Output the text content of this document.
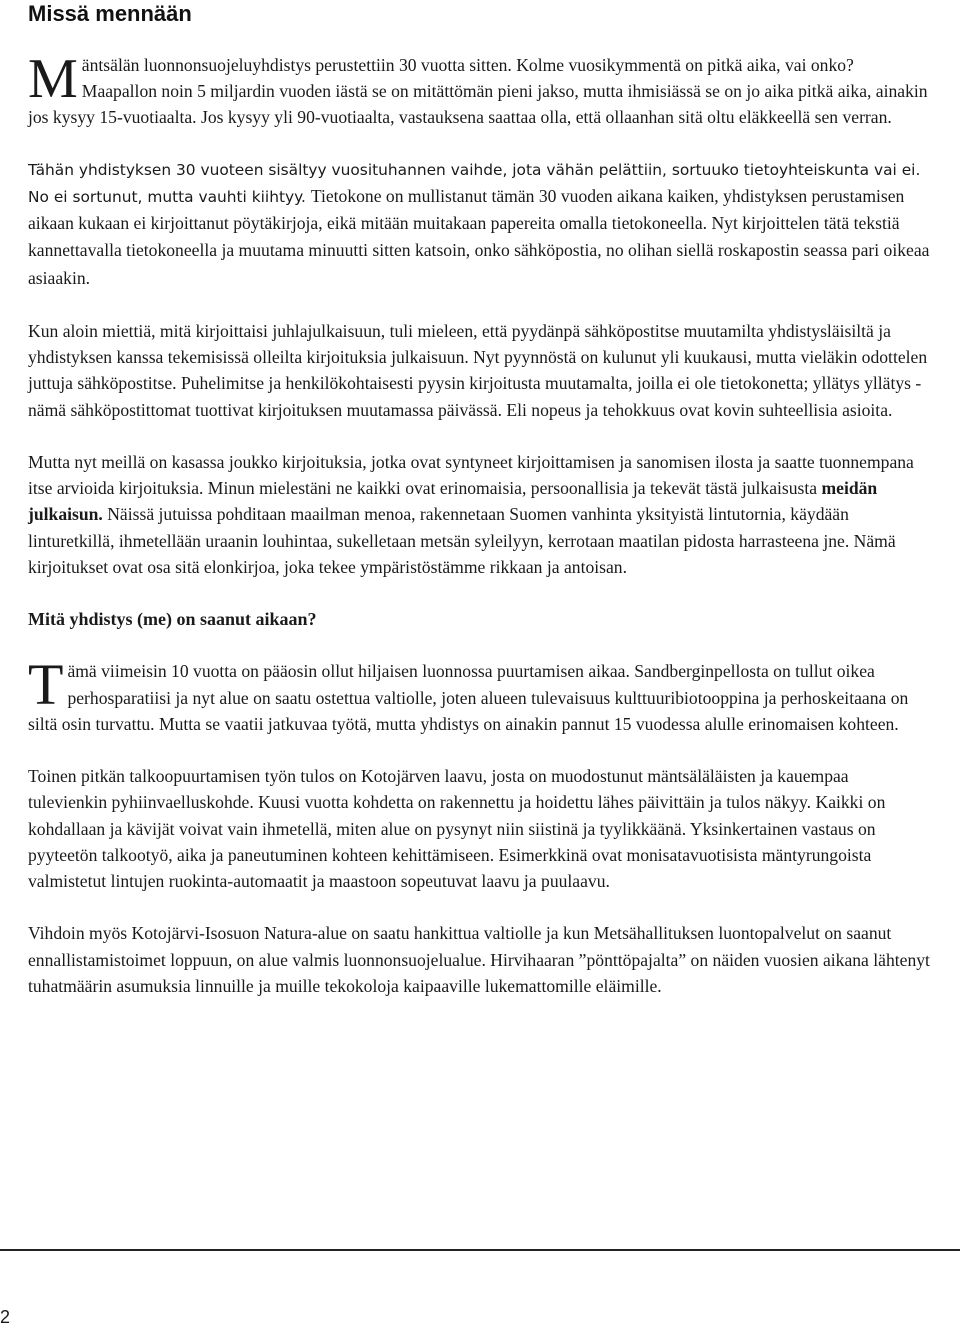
Missä mennään

Mäntsälän luonnonsuojeluyhdistys perustettiin 30 vuotta sitten. Kolme vuosikymmentä on pitkä aika, vai onko? Maapallon noin 5 miljardin vuoden iästä se on mitättömän pieni jakso, mutta ihmisiässä se on jo aika pitkä aika, ainakin jos kysyy 15-vuotiaalta. Jos kysyy yli 90-vuotiaalta, vastauksena saattaa olla, että ollaanhan sitä oltu eläkkeellä sen verran.

Tähän yhdistyksen 30 vuoteen sisältyy vuosituhannen vaihde, jota vähän pelättiin, sortuuko tietoyhteiskunta vai ei. No ei sortunut, mutta vauhti kiihtyy. Tietokone on mullistanut tämän 30 vuoden aikana kaiken, yhdistyksen perustamisen aikaan kukaan ei kirjoittanut pöytäkirjoja, eikä mitään muitakaan papereita omalla tietokoneella. Nyt kirjoittelen tätä tekstiä kannettavalla tietokoneella ja muutama minuutti sitten katsoin, onko sähköpostia, no olihan siellä roskapostin seassa pari oikeaa asiaakin.

Kun aloin miettiä, mitä kirjoittaisi juhlajulkaisuun, tuli mieleen, että pyydänpä sähköpostitse muutamilta yhdistysläisiltä ja yhdistyksen kanssa tekemisissä olleilta kirjoituksia julkaisuun. Nyt pyynnöstä on kulunut yli kuukausi, mutta vieläkin odottelen juttuja sähköpostitse. Puhelimitse ja henkilökohtaisesti pyysin kirjoitusta muutamalta, joilla ei ole tietokonetta; yllätys yllätys - nämä sähköpostittomat tuottivat kirjoituksen muutamassa päivässä. Eli nopeus ja tehokkuus ovat kovin suhteellisia asioita.

Mutta nyt meillä on kasassa joukko kirjoituksia, jotka ovat syntyneet kirjoittamisen ja sanomisen ilosta ja saatte tuonnempana itse arvioida kirjoituksia. Minun mielestäni ne kaikki ovat erinomaisia, persoonallisia ja tekevät tästä julkaisusta meidän julkaisun. Näissä jutuissa pohditaan maailman menoa, rakennetaan Suomen vanhinta yksityistä lintutornia, käydään linturetkillä, ihmetellään uraanin louhintaa, sukelletaan metsän syleilyyn, kerrotaan maatilan pidosta harrasteena jne. Nämä kirjoitukset ovat osa sitä elonkirjoa, joka tekee ympäristöstämme rikkaan ja antoisan.

Mitä yhdistys (me) on saanut aikaan?

Tämä viimeisin 10 vuotta on pääosin ollut hiljaisen luonnossa puurtamisen aikaa. Sandberginpellosta on tullut oikea perhosparatiisi ja nyt alue on saatu ostettua valtiolle, joten alueen tulevaisuus kulttuuribiotooppina ja perhoskeitaana on siltä osin turvattu. Mutta se vaatii jatkuvaa työtä, mutta yhdistys on ainakin pannut 15 vuodessa alulle erinomaisen kohteen.

Toinen pitkän talkoopuurtamisen työn tulos on Kotojärven laavu, josta on muodostunut mäntsäläläisten ja kauempaa tulevienkin pyhiinvaelluskohde. Kuusi vuotta kohdetta on rakennettu ja hoidettu lähes päivittäin ja tulos näkyy. Kaikki on kohdallaan ja kävijät voivat vain ihmetellä, miten alue on pysynyt niin siistinä ja tyylikkäänä. Yksinkertainen vastaus on pyyteetön talkootyö, aika ja paneutuminen kohteen kehittämiseen. Esimerkkinä ovat monisatavuotisista mäntyrungoista valmistetut lintujen ruokinta-automaatit ja maastoon sopeutuvat laavu ja puulaavu.

Vihdoin myös Kotojärvi-Isosuon Natura-alue on saatu hankittua valtiolle ja kun Metsähallituksen luontopalvelut on saanut ennallistamistoimet loppuun, on alue valmis luonnonsuojelualue. Hirvihaaran ”pönttöpajalta” on näiden vuosien aikana lähtenyt tuhatmäärin asumuksia linnuille ja muille tekokoloja kaipaaville lukemattomille eläimille.

2
